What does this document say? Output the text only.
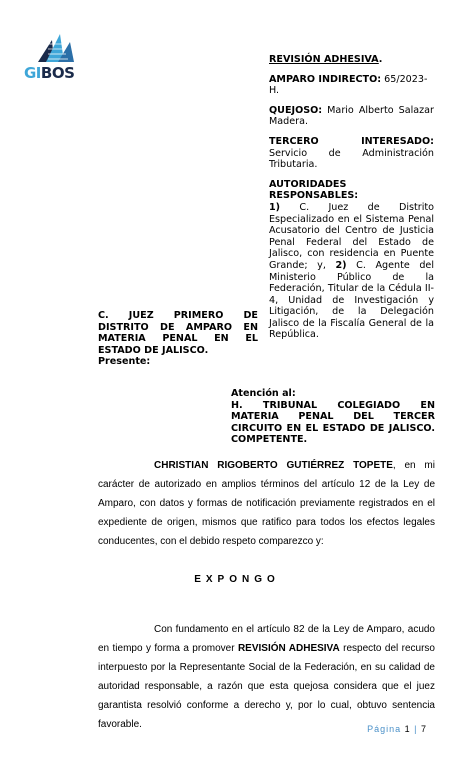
GIBOS
REVISIÓN ADHESIVA.
AMPARO INDIRECTO: 65/2023-H.
QUEJOSO: Mario Alberto Salazar Madera.
TERCERO INTERESADO: Servicio de Administración Tributaria.
AUTORIDADES RESPONSABLES:
1) C. Juez de Distrito Especializado en el Sistema Penal Acusatorio del Centro de Justicia Penal Federal del Estado de Jalisco, con residencia en Puente Grande; y, 2) C. Agente del Ministerio Público de la Federación, Titular de la Cédula II-4, Unidad de Investigación y Litigación, de la Delegación Jalisco de la Fiscalía General de la República.
C. JUEZ PRIMERO DE DISTRITO DE AMPARO EN MATERIA PENAL EN EL ESTADO DE JALISCO.
Presente:
Atención al:
H. TRIBUNAL COLEGIADO EN MATERIA PENAL DEL TERCER CIRCUITO EN EL ESTADO DE JALISCO. COMPETENTE.
CHRISTIAN RIGOBERTO GUTIÉRREZ TOPETE, en mi carácter de autorizado en amplios términos del artículo 12 de la Ley de Amparo, con datos y formas de notificación previamente registrados en el expediente de origen, mismos que ratifico para todos los efectos legales conducentes, con el debido respeto comparezco y:
EXPONGO
Con fundamento en el artículo 82 de la Ley de Amparo, acudo en tiempo y forma a promover REVISIÓN ADHESIVA respecto del recurso interpuesto por la Representante Social de la Federación, en su calidad de autoridad responsable, a razón que esta quejosa considera que el juez garantista resolvió conforme a derecho y, por lo cual, obtuvo sentencia favorable.	Página 1 | 7
